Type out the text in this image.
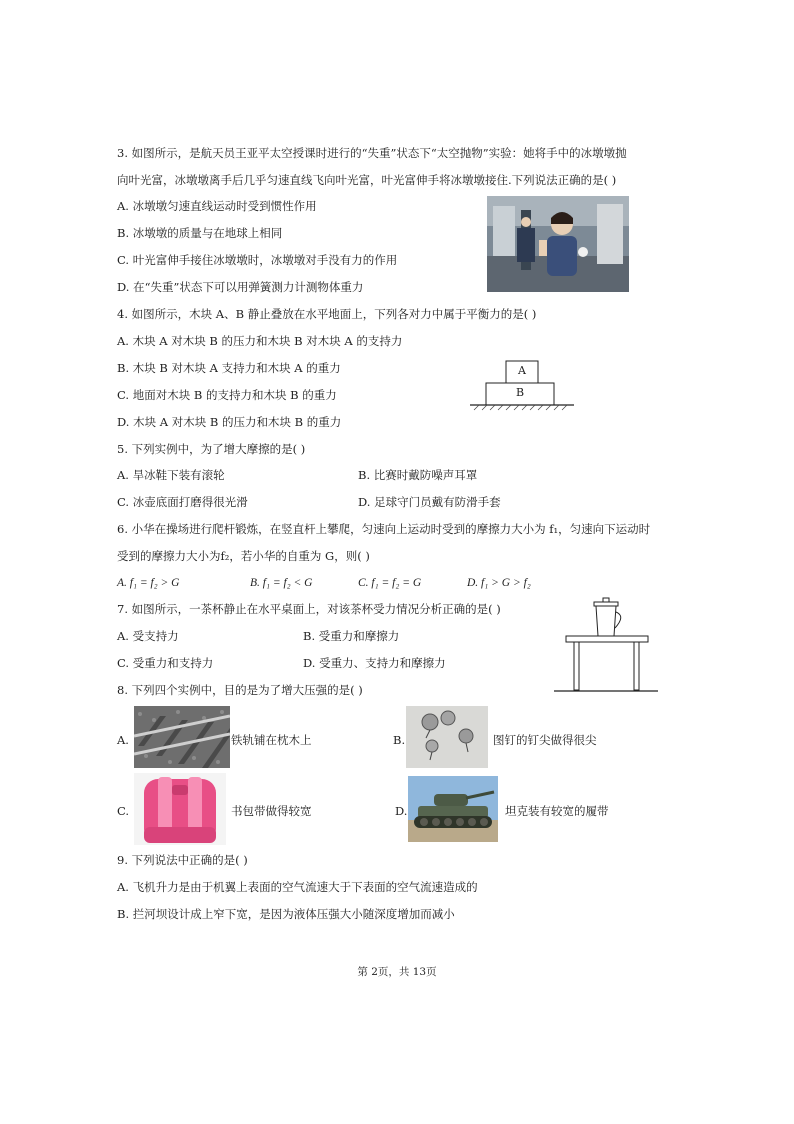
3. 如图所示，是航天员王亚平太空授课时进行的“失重”状态下“太空抛物”实验：她将手中的冰墩墩抛
向叶光富，冰墩墩离手后几乎匀速直线飞向叶光富，叶光富伸手将冰墩墩接住.下列说法正确的是( )
A. 冰墩墩匀速直线运动时受到惯性作用
B. 冰墩墩的质量与在地球上相同
C. 叶光富伸手接住冰墩墩时，冰墩墩对手没有力的作用
D. 在“失重”状态下可以用弹簧测力计测物体重力
4. 如图所示，木块 A、B 静止叠放在水平地面上，下列各对力中属于平衡力的是( )
A. 木块 A 对木块 B 的压力和木块 B 对木块 A 的支持力
B. 木块 B 对木块 A 支持力和木块 A 的重力
C. 地面对木块 B 的支持力和木块 B 的重力
D. 木块 A 对木块 B 的压力和木块 B 的重力
A
B
5. 下列实例中，为了增大摩擦的是( )
A. 旱冰鞋下装有滚轮	B. 比赛时戴防噪声耳罩
C. 冰壶底面打磨得很光滑	D. 足球守门员戴有防滑手套
6. 小华在操场进行爬杆锻炼，在竖直杆上攀爬，匀速向上运动时受到的摩擦力大小为 f₁，匀速向下运动时
受到的摩擦力大小为f₂，若小华的自重为 G，则( )
A. f₁ = f₂ > G	B. f₁ = f₂ < G	C. f₁ = f₂ = G	D. f₁ > G > f₂
7. 如图所示，一茶杯静止在水平桌面上，对该茶杯受力情况分析正确的是( )
A. 受支持力	B. 受重力和摩擦力
C. 受重力和支持力	D. 受重力、支持力和摩擦力
8. 下列四个实例中，目的是为了增大压强的是( )
A.	铁轨铺在枕木上	B.	图钉的钉尖做得很尖
C.	书包带做得较宽	D.	坦克装有较宽的履带
9. 下列说法中正确的是( )
A. 飞机升力是由于机翼上表面的空气流速大于下表面的空气流速造成的
B. 拦河坝设计成上窄下宽，是因为液体压强大小随深度增加而减小
第 2页，共 13页
